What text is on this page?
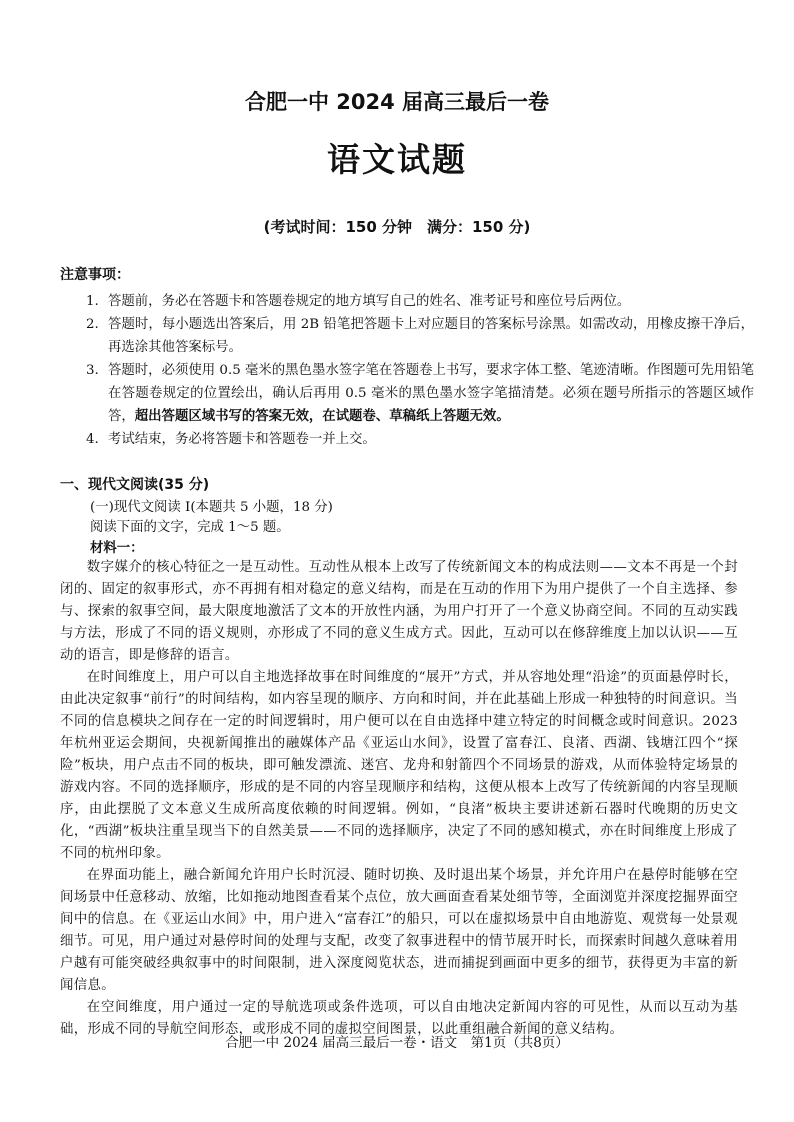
合肥一中 2024 届高三最后一卷
语文试题
(考试时间：150 分钟　满分：150 分)
注意事项：
1. 答题前，务必在答题卡和答题卷规定的地方填写自己的姓名、准考证号和座位号后两位。
2. 答题时，每小题选出答案后，用 2B 铅笔把答题卡上对应题目的答案标号涂黑。如需改动，用橡皮擦干净后，再选涂其他答案标号。
3. 答题时，必须使用 0.5 毫米的黑色墨水签字笔在答题卷上书写，要求字体工整、笔迹清晰。作图题可先用铅笔在答题卷规定的位置绘出，确认后再用 0.5 毫米的黑色墨水签字笔描清楚。必须在题号所指示的答题区域作答，超出答题区域书写的答案无效，在试题卷、草稿纸上答题无效。
4. 考试结束，务必将答题卡和答题卷一并上交。
一、现代文阅读(35 分)
(一)现代文阅读 I(本题共 5 小题，18 分)
阅读下面的文字，完成 1～5 题。
材料一：

数字媒介的核心特征之一是互动性。互动性从根本上改写了传统新闻文本的构成法则——文本不再是一个封闭的、固定的叙事形式，亦不再拥有相对稳定的意义结构，而是在互动的作用下为用户提供了一个自主选择、参与、探索的叙事空间，最大限度地激活了文本的开放性内涵，为用户打开了一个意义协商空间。不同的互动实践与方法，形成了不同的语义规则，亦形成了不同的意义生成方式。因此，互动可以在修辞维度上加以认识——互动的语言，即是修辞的语言。

在时间维度上，用户可以自主地选择故事在时间维度的“展开”方式，并从容地处理“沿途”的页面悬停时长，由此决定叙事“前行”的时间结构，如内容呈现的顺序、方向和时间，并在此基础上形成一种独特的时间意识。当不同的信息模块之间存在一定的时间逻辑时，用户便可以在自由选择中建立特定的时间概念或时间意识。2023 年杭州亚运会期间，央视新闻推出的融媒体产品《亚运山水间》，设置了富春江、良渚、西湖、钱塘江四个“探险”板块，用户点击不同的板块，即可触发漂流、迷宫、龙舟和射箭四个不同场景的游戏，从而体验特定场景的游戏内容。不同的选择顺序，形成的是不同的内容呈现顺序和结构，这便从根本上改写了传统新闻的内容呈现顺序，由此摆脱了文本意义生成所高度依赖的时间逻辑。例如，“良渚”板块主要讲述新石器时代晚期的历史文化，“西湖”板块注重呈现当下的自然美景——不同的选择顺序，决定了不同的感知模式，亦在时间维度上形成了不同的杭州印象。

在界面功能上，融合新闻允许用户长时沉浸、随时切换、及时退出某个场景，并允许用户在悬停时能够在空间场景中任意移动、放缩，比如拖动地图查看某个点位，放大画面查看某处细节等，全面浏览并深度挖掘界面空间中的信息。在《亚运山水间》中，用户进入“富春江”的船只，可以在虚拟场景中自由地游览、观赏每一处景观细节。可见，用户通过对悬停时间的处理与支配，改变了叙事进程中的情节展开时长，而探索时间越久意味着用户越有可能突破经典叙事中的时间限制，进入深度阅览状态，进而捕捉到画面中更多的细节，获得更为丰富的新闻信息。

在空间维度，用户通过一定的导航选项或条件选项，可以自由地决定新闻内容的可见性，从而以互动为基础，形成不同的导航空间形态，或形成不同的虚拟空间图景，以此重组融合新闻的意义结构。

合肥一中 2024 届高三最后一卷・语文　第1页（共8页）
